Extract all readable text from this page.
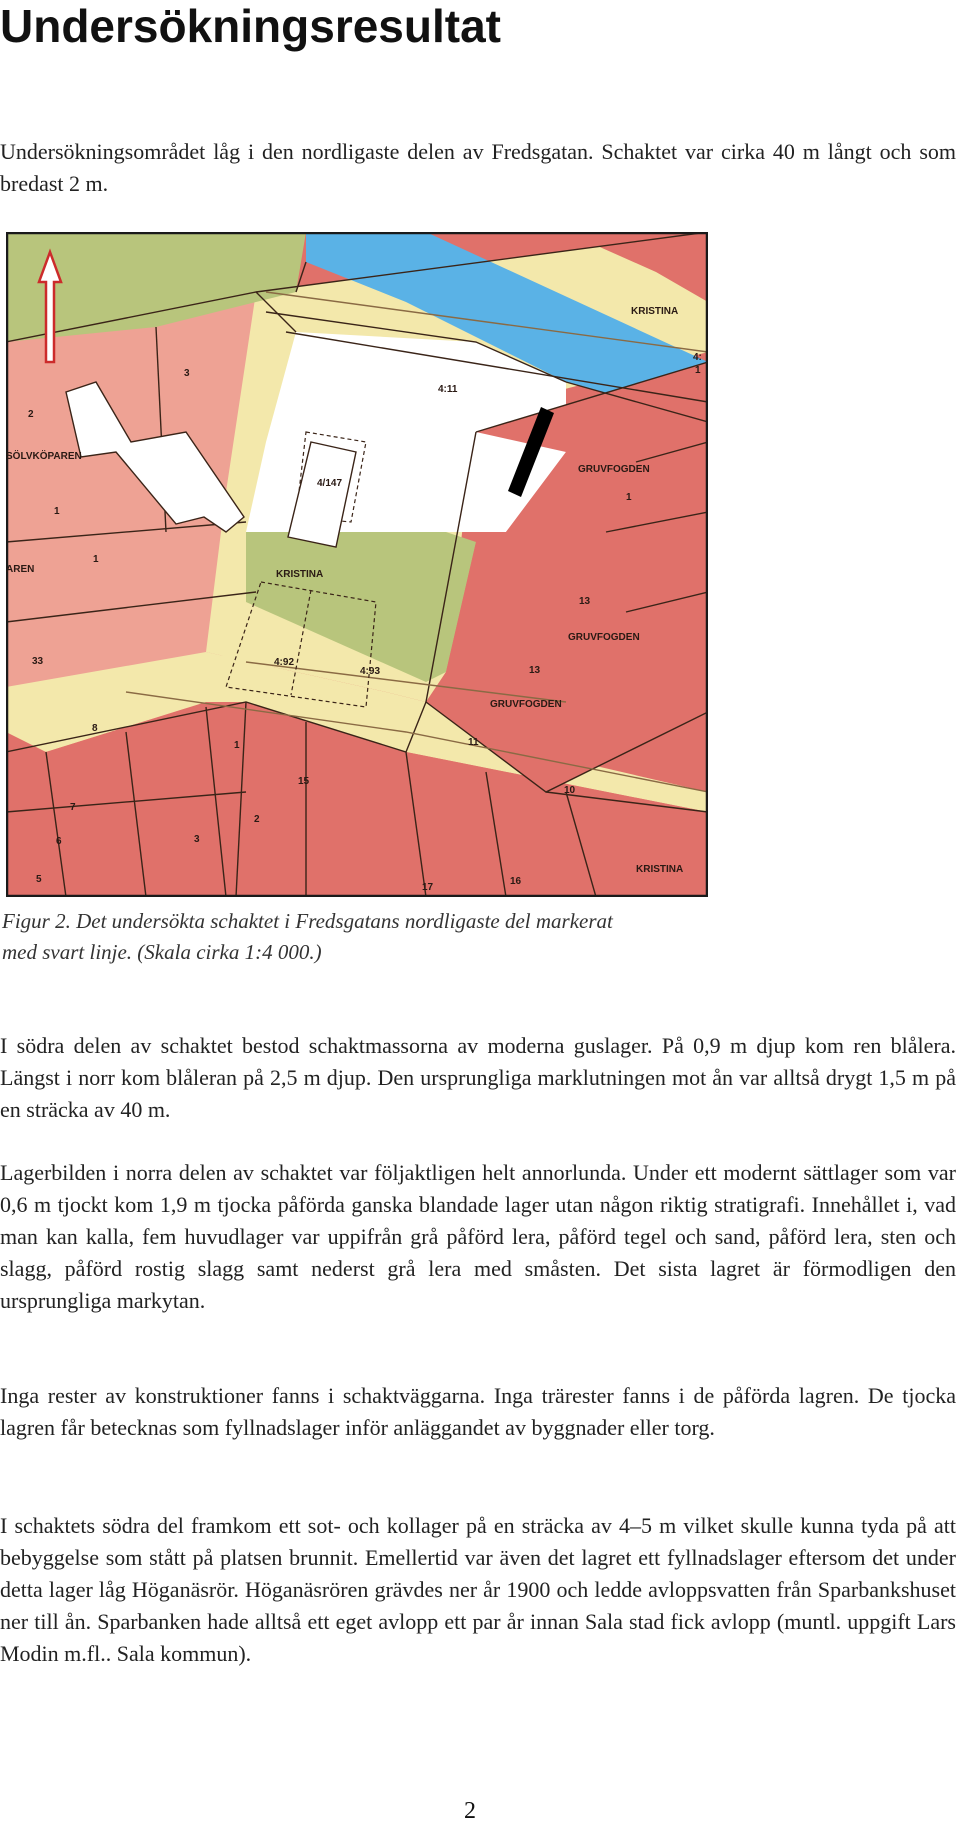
Undersökningsresultat

Undersökningsområdet låg i den nordligaste delen av Fredsgatan. Schaktet var cirka 40 m långt och som bredast 2 m.

KRISTINA
4:
1
4:11
3
2
SÖLVKÖPAREN
4/147
GRUVFOGDEN
1
1
KRISTINA
AREN
1
13
GRUVFOGDEN
33	4:92
4:93	13
GRUVFOGDEN
8
1
15
11
10
7
2
6	3
5
17
16
KRISTINA

Figur 2. Det undersökta schaktet i Fredsgatans nordligaste del markerat
med svart linje. (Skala cirka 1:4 000.)

I södra delen av schaktet bestod schaktmassorna av moderna guslager. På 0,9 m djup kom ren blålera. Längst i norr kom blåleran på 2,5 m djup. Den ursprungliga marklutningen mot ån var alltså drygt 1,5 m på en sträcka av 40 m.

Lagerbilden i norra delen av schaktet var följaktligen helt annorlunda. Under ett modernt sättlager som var 0,6 m tjockt kom 1,9 m tjocka påförda ganska blandade lager utan någon riktig stratigrafi. Innehållet i, vad man kan kalla, fem huvudlager var uppifrån grå påförd lera, påförd tegel och sand, påförd lera, sten och slagg, påförd rostig slagg samt nederst grå lera med småsten. Det sista lagret är förmodligen den ursprungliga markytan.

Inga rester av konstruktioner fanns i schaktväggarna. Inga trärester fanns i de påförda lagren. De tjocka lagren får betecknas som fyllnadslager inför anläggandet av byggnader eller torg.

I schaktets södra del framkom ett sot- och kollager på en sträcka av 4–5 m vilket skulle kunna tyda på att bebyggelse som stått på platsen brunnit. Emellertid var även det lagret ett fyllnadslager eftersom det under detta lager låg Höganäsrör. Höganäsrören grävdes ner år 1900 och ledde avloppsvatten från Sparbankshuset ner till ån. Sparbanken hade alltså ett eget avlopp ett par år innan Sala stad fick avlopp (muntl. uppgift Lars Modin m.fl.. Sala kommun).

2
